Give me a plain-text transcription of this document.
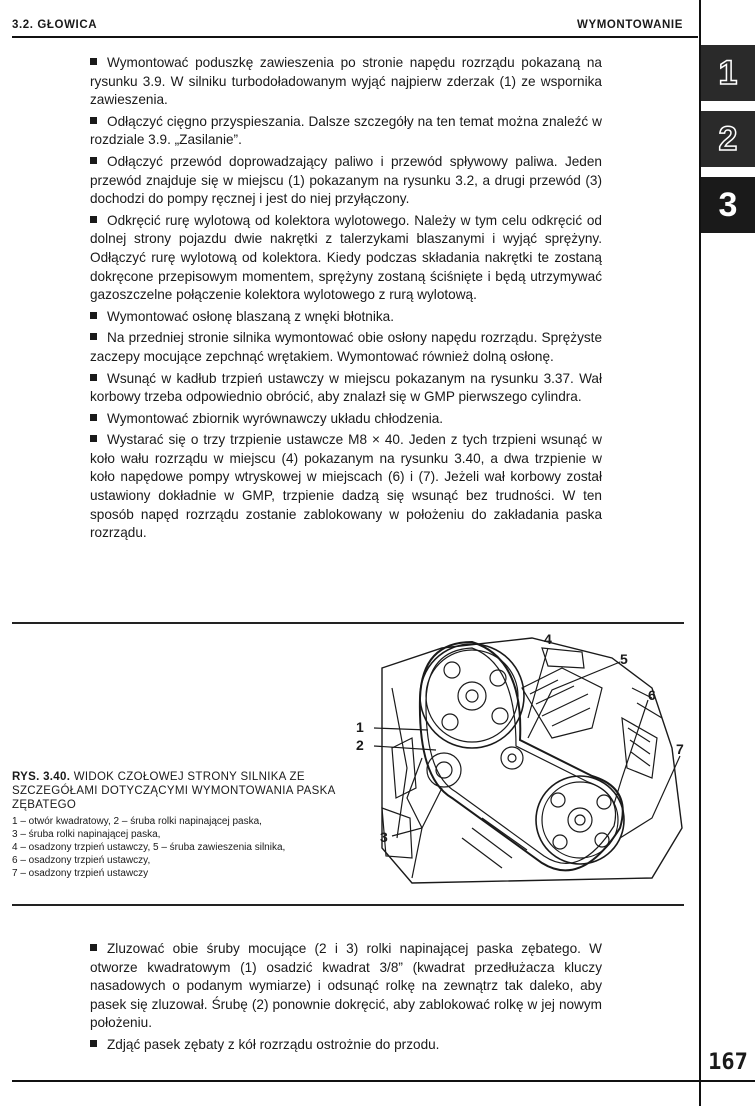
3.2. GŁOWICA	WYMONTOWANIE
1
2
3

Wymontować poduszkę zawieszenia po stronie napędu rozrządu pokazaną na rysunku 3.9. W silniku turbodoładowanym wyjąć najpierw zderzak (1) ze wspornika zawieszenia.

Odłączyć cięgno przyspieszania. Dalsze szczegóły na ten temat można znaleźć w rozdziale 3.9. „Zasilanie”.

Odłączyć przewód doprowadzający paliwo i przewód spływowy paliwa. Jeden przewód znajduje się w miejscu (1) pokazanym na rysunku 3.2, a drugi przewód (3) dochodzi do pompy ręcznej i jest do niej przyłączony.

Odkręcić rurę wylotową od kolektora wylotowego. Należy w tym celu odkręcić od dolnej strony pojazdu dwie nakrętki z talerzykami blaszanymi i wyjąć sprężyny. Odłączyć rurę wylotową od kolektora. Kiedy podczas składania nakrętki te zostaną dokręcone przepisowym momentem, sprężyny zostaną ściśnięte i będą utrzymywać gazoszczelne połączenie kolektora wylotowego z rurą wylotową.

Wymontować osłonę blaszaną z wnęki błotnika.

Na przedniej stronie silnika wymontować obie osłony napędu rozrządu. Sprężyste zaczepy mocujące zepchnąć wrętakiem. Wymontować również dolną osłonę.

Wsunąć w kadłub trzpień ustawczy w miejscu pokazanym na rysunku 3.37. Wał korbowy trzeba odpowiednio obrócić, aby znalazł się w GMP pierwszego cylindra.

Wymontować zbiornik wyrównawczy układu chłodzenia.

Wystarać się o trzy trzpienie ustawcze M8 × 40. Jeden z tych trzpieni wsunąć w koło wału rozrządu w miejscu (4) pokazanym na rysunku 3.40, a dwa trzpienie w koło napędowe pompy wtryskowej w miejscach (6) i (7). Jeżeli wał korbowy został ustawiony dokładnie w GMP, trzpienie dadzą się wsunąć bez trudności. W ten sposób napęd rozrządu zostanie zablokowany w położeniu do zakładania paska rozrządu.

RYS. 3.40. WIDOK CZOŁOWEJ STRONY SILNIKA ZE SZCZEGÓŁAMI DOTYCZĄCYMI WYMONTOWANIA PASKA ZĘBATEGO
1 – otwór kwadratowy, 2 – śruba rolki napinającej paska,
3 – śruba rolki napinającej paska,
4 – osadzony trzpień ustawczy, 5 – śruba zawieszenia silnika,
6 – osadzony trzpień ustawczy,
7 – osadzony trzpień ustawczy
1
2
3
4
5
6
7

Zluzować obie śruby mocujące (2 i 3) rolki napinającej paska zębatego. W otworze kwadratowym (1) osadzić kwadrat 3/8” (kwadrat przedłużacza kluczy nasadowych o podanym wymiarze) i odsunąć rolkę na zewnątrz tak daleko, aby pasek się zluzował. Śrubę (2) ponownie dokręcić, aby zablokować rolkę w jej nowym położeniu.

Zdjąć pasek zębaty z kół rozrządu ostrożnie do przodu.

167
